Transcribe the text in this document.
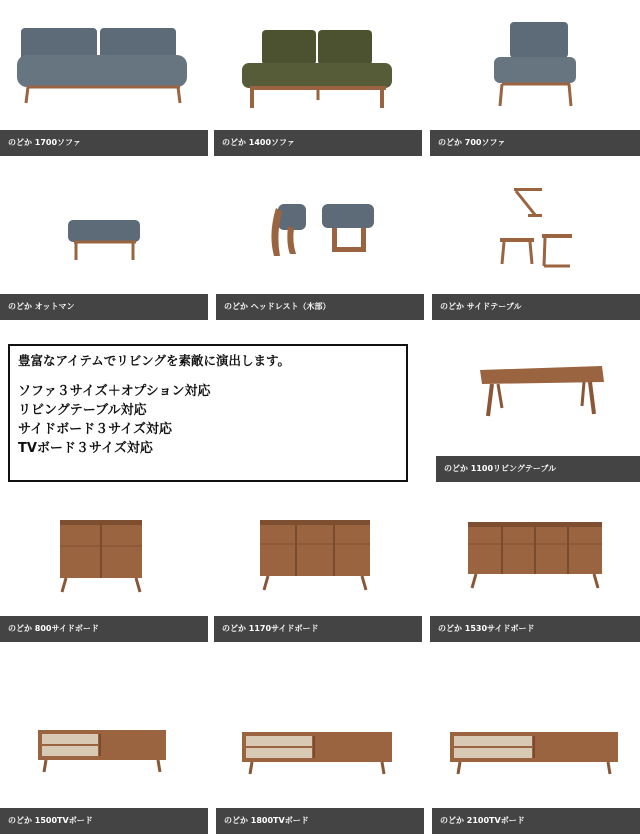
のどか 1700ソファ	のどか 1400ソファ	のどか 700ソファ
のどか オットマン	のどか ヘッドレスト（木部）	のどか サイドテーブル
豊富なアイテムでリビングを素敵に演出します。
ソファ３サイズ＋オプション対応
リビングテーブル対応
サイドボード３サイズ対応
TVボード３サイズ対応
のどか 1100リビングテーブル
のどか 800サイドボード	のどか 1170サイドボード	のどか 1530サイドボード
のどか 1500TVボード	のどか 1800TVボード	のどか 2100TVボード
